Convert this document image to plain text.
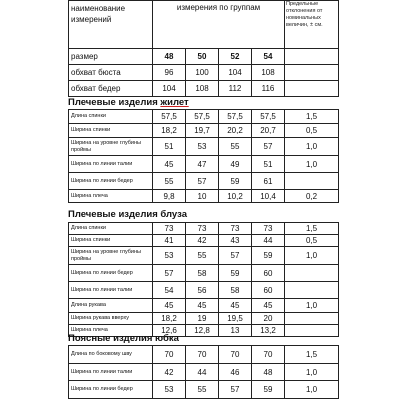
наименование измерений	измерения по группам				
размер	48	50	52	54	
обхват бюста	96	100	104	108	
обхват бедер	104	108	112	116	
Предельные отклонения от номинальных величин, ± см.
Плечевые изделия жилет
Длина спинки	57,5	57,5	57,5	57,5	1,5
Ширина спинки	18,2	19,7	20,2	20,7	0,5
Ширина на уровне глубины проймы	51	53	55	57	1,0
Ширина по линии талии	45	47	49	51	1,0
Ширина по линии бедер	55	57	59	61	
Ширина плеча	9,8	10	10,2	10,4	0,2
Плечевые изделия блуза
Длина спинки	73	73	73	73	1,5
Ширина спинки	41	42	43	44	0,5
Ширина на уровне глубины проймы	53	55	57	59	1,0
Ширина по линии бедер	57	58	59	60	
Ширина по линии талии	54	56	58	60	
Длина рукава	45	45	45	45	1,0
Ширина рукава вверху	18,2	19	19,5	20	
Ширина плеча	12,6	12,8	13	13,2	
Поясные изделия юбка
Длина по боковому шву	70	70	70	70	1,5
Ширина по линии талии	42	44	46	48	1,0
Ширина по линии бедер	53	55	57	59	1,0
